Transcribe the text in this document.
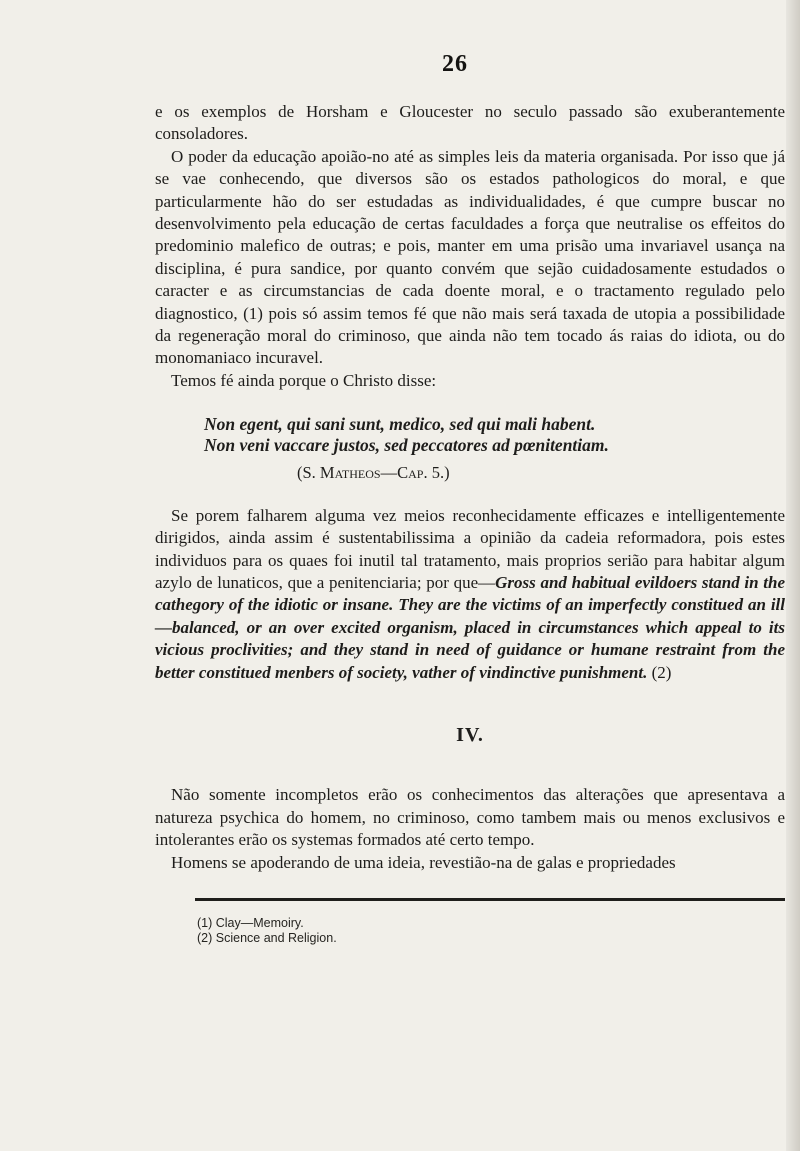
26

e os exemplos de Horsham e Gloucester no seculo passado são exuberantemente consoladores.

O poder da educação apoião-no até as simples leis da materia organisada. Por isso que já se vae conhecendo, que diversos são os estados pathologicos do moral, e que particularmente hão do ser estudadas as individualidades, é que cumpre buscar no desenvolvimento pela educação de certas faculdades a força que neutralise os effeitos do predominio malefico de outras; e pois, manter em uma prisão uma invariavel usança na disciplina, é pura sandice, por quanto convém que sejão cuidadosamente estudados o caracter e as circumstancias de cada doente moral, e o tractamento regulado pelo diagnostico, (1) pois só assim temos fé que não mais será taxada de utopia a possibilidade da regeneração moral do criminoso, que ainda não tem tocado ás raias do idiota, ou do monomaniaco incuravel.

Temos fé ainda porque o Christo disse:

Non egent, qui sani sunt, medico, sed qui mali habent.
Non veni vaccare justos, sed peccatores ad pœnitentiam.
(S. Matheos—Cap. 5.)

Se porem falharem alguma vez meios reconhecidamente efficazes e intelligentemente dirigidos, ainda assim é sustentabilissima a opinião da cadeia reformadora, pois estes individuos para os quaes foi inutil tal tratamento, mais proprios serião para habitar algum azylo de lunaticos, que a penitenciaria; por que—Gross and habitual evildoers stand in the cathegory of the idiotic or insane. They are the victims of an imperfectly constitued an ill—balanced, or an over excited organism, placed in circumstances which appeal to its vicious proclivities; and they stand in need of guidance or humane restraint from the better constitued menbers of society, vather of vindinctive punishment. (2)

IV.

Não somente incompletos erão os conhecimentos das alterações que apresentava a natureza psychica do homem, no criminoso, como tambem mais ou menos exclusivos e intolerantes erão os systemas formados até certo tempo.

Homens se apoderando de uma ideia, revestião-na de galas e propriedades

(1) Clay—Memoiry.
(2) Science and Religion.
